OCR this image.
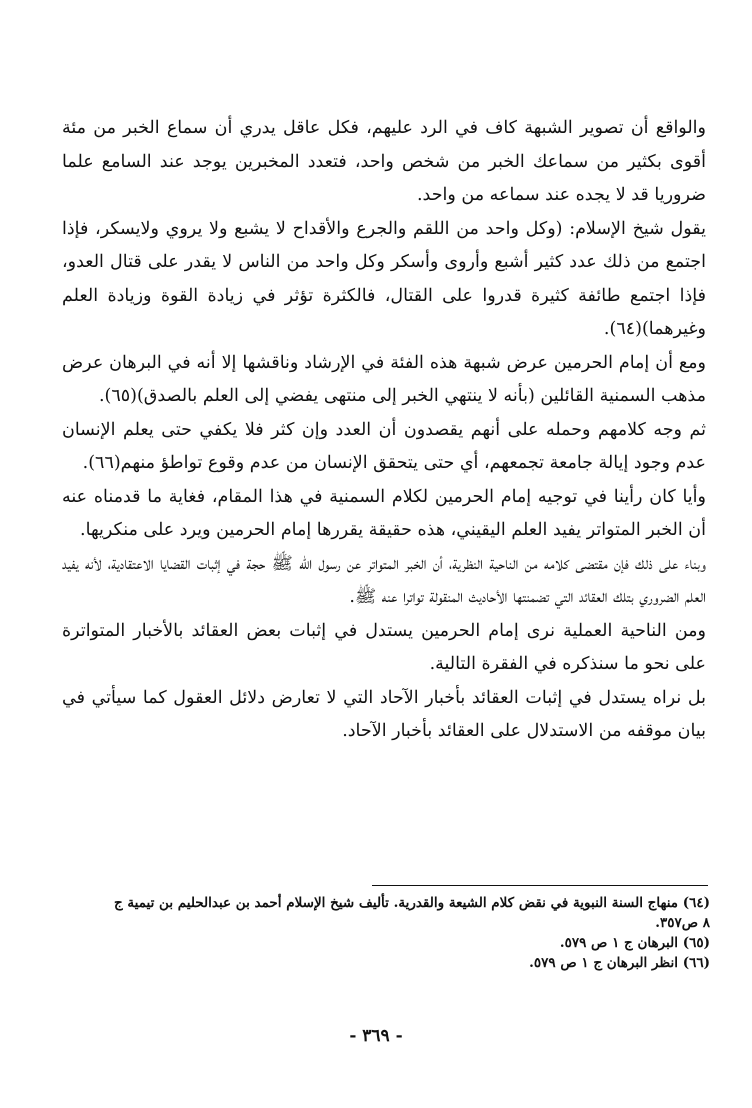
والواقع أن تصوير الشبهة كاف في الرد عليهم، فكل عاقل يدري أن سماع الخبر من مئة أقوى بكثير من سماعك الخبر من شخص واحد، فتعدد المخبرين يوجد عند السامع علما ضروريا قد لا يجده عند سماعه من واحد.

يقول شيخ الإسلام: (وكل واحد من اللقم والجرع والأقداح لا يشبع ولا يروي ولايسكر، فإذا اجتمع من ذلك عدد كثير أشبع وأروى وأسكر وكل واحد من الناس لا يقدر على قتال العدو، فإذا اجتمع طائفة كثيرة قدروا على القتال، فالكثرة تؤثر في زيادة القوة وزيادة العلم وغيرهما)(٦٤).

ومع أن إمام الحرمين عرض شبهة هذه الفئة في الإرشاد وناقشها إلا أنه في البرهان عرض مذهب السمنية القائلين (بأنه لا ينتهي الخبر إلى منتهى يفضي إلى العلم بالصدق)(٦٥).

ثم وجه كلامهم وحمله على أنهم يقصدون أن العدد وإن كثر فلا يكفي حتى يعلم الإنسان عدم وجود إيالة جامعة تجمعهم، أي حتى يتحقق الإنسان من عدم وقوع تواطؤ منهم(٦٦).

وأيا كان رأينا في توجيه إمام الحرمين لكلام السمنية في هذا المقام، فغاية ما قدمناه عنه أن الخبر المتواتر يفيد العلم اليقيني، هذه حقيقة يقررها إمام الحرمين ويرد على منكريها.

وبناء على ذلك فإن مقتضى كلامه من الناحية النظرية، أن الخبر المتواتر عن رسول الله ﷺ حجة في إثبات القضايا الاعتقادية، لأنه يفيد العلم الضروري بتلك العقائد التي تضمنتها الأحاديث المنقولة تواترا عنه ﷺ.

ومن الناحية العملية نرى إمام الحرمين يستدل في إثبات بعض العقائد بالأخبار المتواترة على نحو ما سنذكره في الفقرة التالية.

بل نراه يستدل في إثبات العقائد بأخبار الآحاد التي لا تعارض دلائل العقول كما سيأتي في بيان موقفه من الاستدلال على العقائد بأخبار الآحاد.

(٦٤) منهاج السنة النبوية في نقض كلام الشيعة والقدرية. تأليف شيخ الإسلام أحمد بن عبدالحليم بن تيمية ج ٨ ص٣٥٧.

(٦٥) البرهان ج ١ ص ٥٧٩.

(٦٦) انظر البرهان ج ١ ص ٥٧٩.

- ٣٦٩ -
